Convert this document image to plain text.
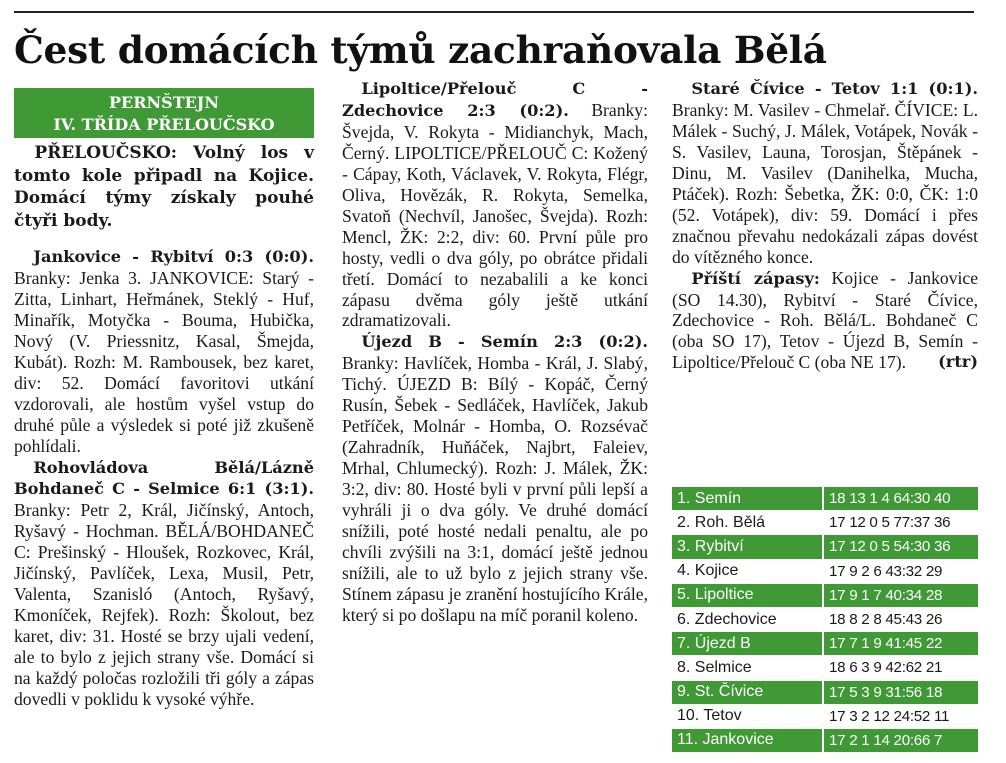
Čest domácích týmů zachraňovala Bělá
PERNŠTEJN
IV. TŘÍDA PŘELOUČSKO

PŘELOUČSKO: Volný los v tomto kole připadl na Kojice. Domácí týmy získaly pouhé čtyři body.

Jankovice - Rybitví 0:3 (0:0). Branky: Jenka 3. JANKOVICE: Starý - Zitta, Linhart, Heřmánek, Steklý - Huf, Minařík, Motyčka - Bouma, Hubička, Nový (V. Priessnitz, Kasal, Šmejda, Kubát). Rozh: M. Rambousek, bez karet, div: 52. Domácí favoritovi utkání vzdorovali, ale hostům vyšel vstup do druhé půle a výsledek si poté již zkušeně pohlídali.

Rohovládova Bělá/Lázně Bohdaneč C - Selmice 6:1 (3:1). Branky: Petr 2, Král, Jičínský, Antoch, Ryšavý - Hochman. BĚLÁ/BOHDANEČ C: Prešinský - Hloušek, Rozkovec, Král, Jičínský, Pavlíček, Lexa, Musil, Petr, Valenta, Szanisló (Antoch, Ryšavý, Kmoníček, Rejfek). Rozh: Školout, bez karet, div: 31. Hosté se brzy ujali vedení, ale to bylo z jejich strany vše. Domácí si na každý poločas rozložili tři góly a zápas dovedli v poklidu k vysoké výhře.

Lipoltice/Přelouč C - Zdechovice 2:3 (0:2). Branky: Švejda, V. Rokyta - Midianchyk, Mach, Černý. LIPOLTICE/PŘELOUČ C: Kožený - Cápay, Koth, Václavek, V. Rokyta, Flégr, Oliva, Hovězák, R. Rokyta, Semelka, Svatoň (Nechvíl, Janošec, Švejda). Rozh: Mencl, ŽK: 2:2, div: 60. První půle pro hosty, vedli o dva góly, po obrátce přidali třetí. Domácí to nezabalili a ke konci zápasu dvěma góly ještě utkání zdramatizovali.

Újezd B - Semín 2:3 (0:2). Branky: Havlíček, Homba - Král, J. Slabý, Tichý. ÚJEZD B: Bílý - Kopáč, Černý Rusín, Šebek - Sedláček, Havlíček, Jakub Petříček, Molnár - Homba, O. Rozsévač (Zahradník, Huňáček, Najbrt, Faleiev, Mrhal, Chlumecký). Rozh: J. Málek, ŽK: 3:2, div: 80. Hosté byli v první půli lepší a vyhráli ji o dva góly. Ve druhé domácí snížili, poté hosté nedali penaltu, ale po chvíli zvýšili na 3:1, domácí ještě jednou snížili, ale to už bylo z jejich strany vše. Stínem zápasu je zranění hostujícího Krále, který si po došlapu na míč poranil koleno.

Staré Čívice - Tetov 1:1 (0:1). Branky: M. Vasilev - Chmelař. ČÍVICE: L. Málek - Suchý, J. Málek, Votápek, Novák - S. Vasilev, Launa, Torosjan, Štěpánek - Dinu, M. Vasilev (Danihelka, Mucha, Ptáček). Rozh: Šebetka, ŽK: 0:0, ČK: 1:0 (52. Votápek), div: 59. Domácí i přes značnou převahu nedokázali zápas dovést do vítězného konce.

Příští zápasy: Kojice - Jankovice (SO 14.30), Rybitví - Staré Čívice, Zdechovice - Roh. Bělá/L. Bohdaneč C (oba SO 17), Tetov - Újezd B, Semín - Lipoltice/Přelouč C (oba NE 17).	(rtr)

1. Semín	18 13 1 4 64:30 40
2. Roh. Bělá	17 12 0 5 77:37 36
3. Rybitví	17 12 0 5 54:30 36
4. Kojice	17 9 2 6 43:32 29
5. Lipoltice	17 9 1 7 40:34 28
6. Zdechovice	18 8 2 8 45:43 26
7. Újezd B	17 7 1 9 41:45 22
8. Selmice	18 6 3 9 42:62 21
9. St. Čívice	17 5 3 9 31:56 18
10. Tetov	17 3 2 12 24:52 11
11. Jankovice	17 2 1 14 20:66 7
